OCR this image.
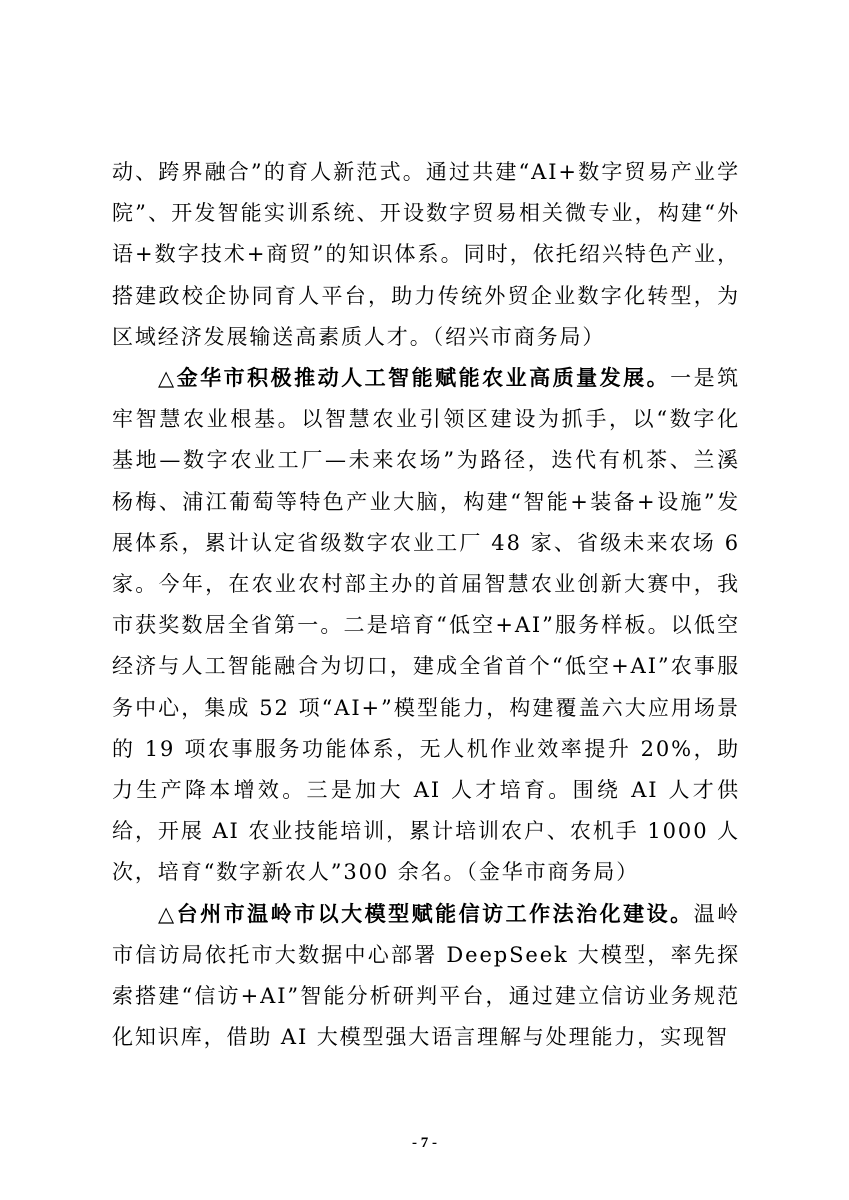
动、跨界融合”的育人新范式。通过共建“AI+数字贸易产业学院”、开发智能实训系统、开设数字贸易相关微专业，构建“外语+数字技术+商贸”的知识体系。同时，依托绍兴特色产业，搭建政校企协同育人平台，助力传统外贸企业数字化转型，为区域经济发展输送高素质人才。（绍兴市商务局）

△金华市积极推动人工智能赋能农业高质量发展。一是筑牢智慧农业根基。以智慧农业引领区建设为抓手，以“数字化基地—数字农业工厂—未来农场”为路径，迭代有机茶、兰溪杨梅、浦江葡萄等特色产业大脑，构建“智能+装备+设施”发展体系，累计认定省级数字农业工厂 48 家、省级未来农场 6 家。今年，在农业农村部主办的首届智慧农业创新大赛中，我市获奖数居全省第一。二是培育“低空+AI”服务样板。以低空经济与人工智能融合为切口，建成全省首个“低空+AI”农事服务中心，集成 52 项“AI+”模型能力，构建覆盖六大应用场景的 19 项农事服务功能体系，无人机作业效率提升 20%，助力生产降本增效。三是加大 AI 人才培育。围绕 AI 人才供给，开展 AI 农业技能培训，累计培训农户、农机手 1000 人次，培育“数字新农人”300 余名。（金华市商务局）

△台州市温岭市以大模型赋能信访工作法治化建设。温岭市信访局依托市大数据中心部署 DeepSeek 大模型，率先探索搭建“信访+AI”智能分析研判平台，通过建立信访业务规范化知识库，借助 AI 大模型强大语言理解与处理能力，实现智

- 7 -
